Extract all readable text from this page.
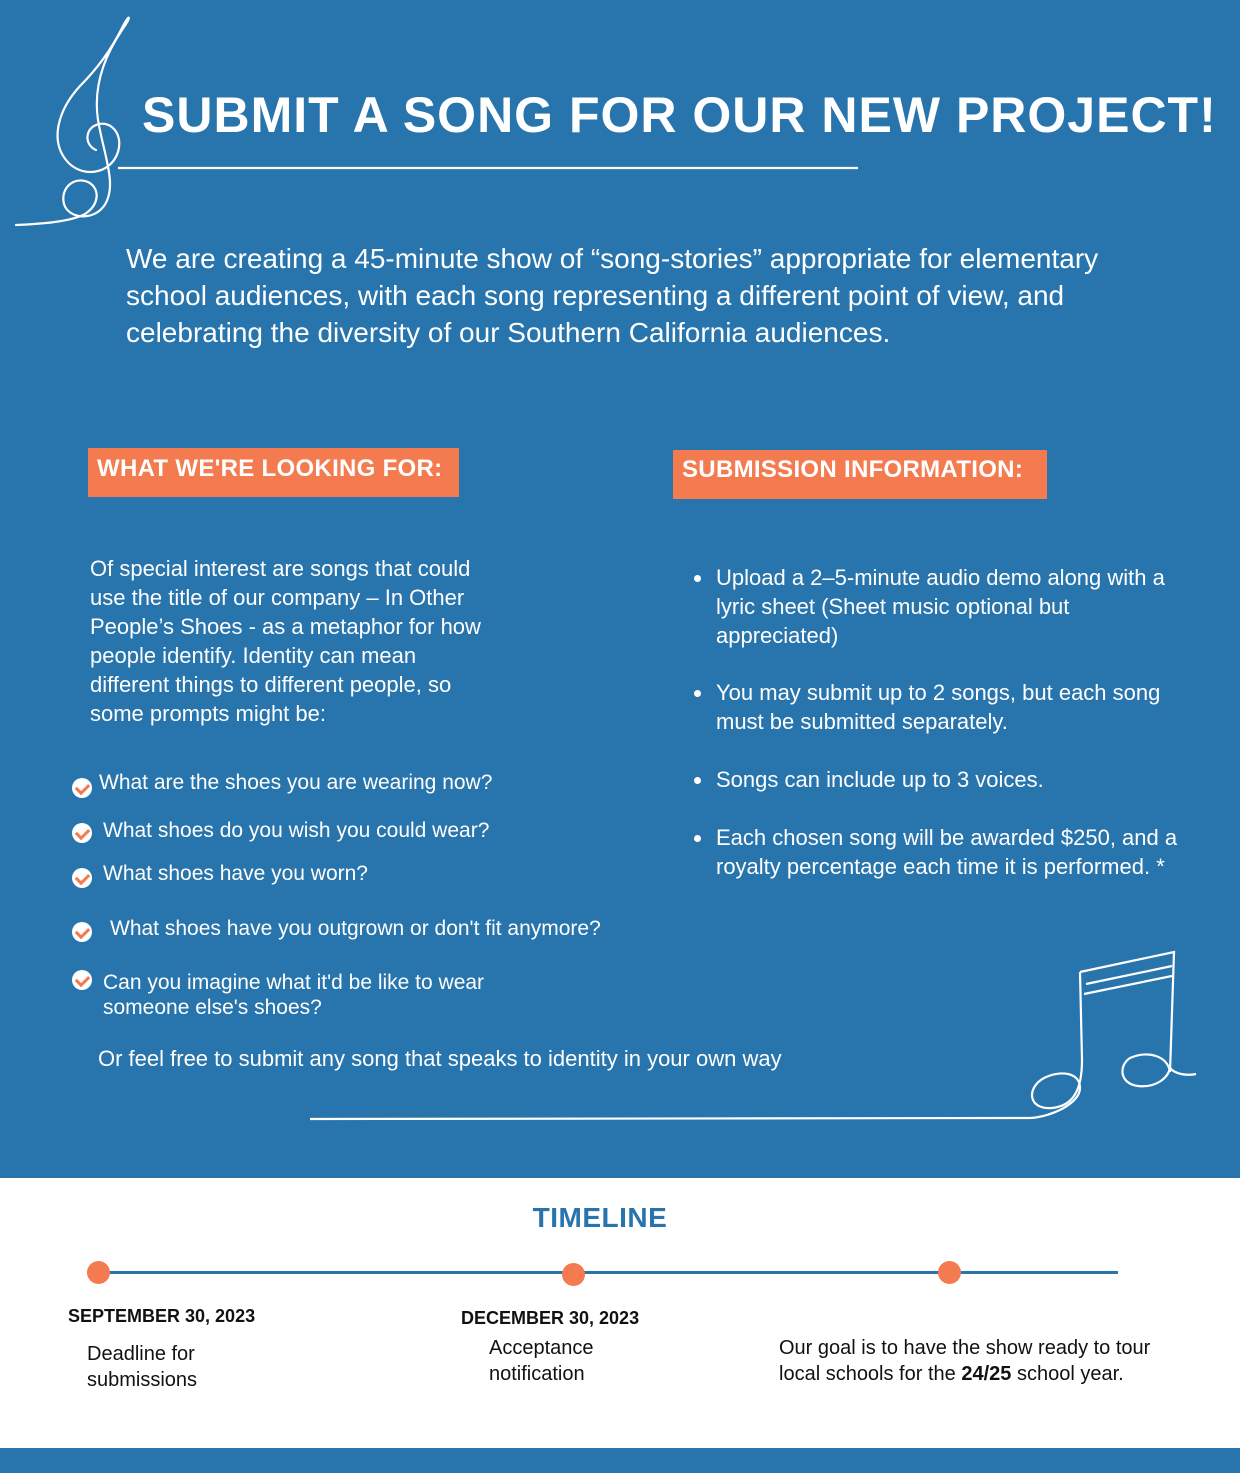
SUBMIT A SONG FOR OUR NEW PROJECT!

We are creating a 45-minute show of “song-stories” appropriate for elementary school audiences, with each song representing a different point of view, and celebrating the diversity of our Southern California audiences.

WHAT WE'RE LOOKING FOR:

Of special interest are songs that could use the title of our company – In Other People’s Shoes - as a metaphor for how people identify. Identity can mean different things to different people, so some prompts might be:

What are the shoes you are wearing now?
What shoes do you wish you could wear?
What shoes have you worn?
What shoes have you outgrown or don't fit anymore?
Can you imagine what it'd be like to wear
someone else's shoes?

Or feel free to submit any song that speaks to identity in your own way

SUBMISSION INFORMATION:
Upload a 2–5-minute audio demo along with a lyric sheet (Sheet music optional but appreciated)
You may submit up to 2 songs, but each song must be submitted separately.
Songs can include up to 3 voices.
Each chosen song will be awarded $250, and a royalty percentage each time it is performed. *
TIMELINE
SEPTEMBER 30, 2023
Deadline for
submissions
DECEMBER 30, 2023
Acceptance
notification
Our goal is to have the show ready to tour
local schools for the 24/25 school year.
